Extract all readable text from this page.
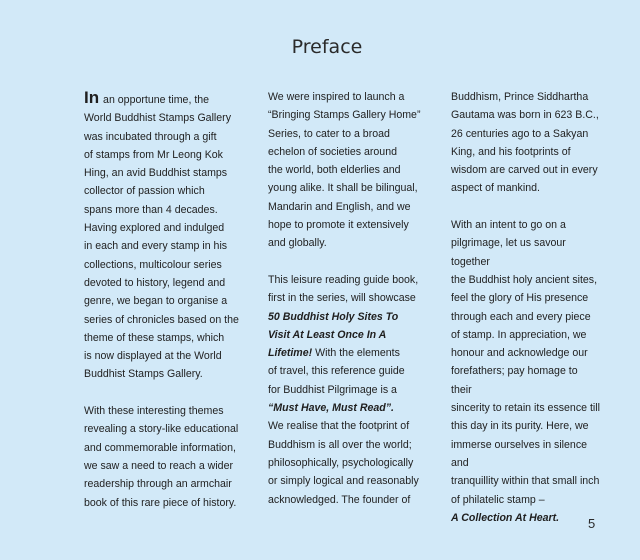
Preface

In an opportune time, the
World Buddhist Stamps Gallery
was incubated through a gift
of stamps from Mr Leong Kok
Hing, an avid Buddhist stamps
collector of passion which
spans more than 4 decades.
Having explored and indulged
in each and every stamp in his
collections, multicolour series
devoted to history, legend and
genre, we began to organise a
series of chronicles based on the
theme of these stamps, which
is now displayed at the World
Buddhist Stamps Gallery.

With these interesting themes
revealing a story-like educational
and commemorable information,
we saw a need to reach a wider
readership through an armchair
book of this rare piece of history.

We were inspired to launch a
“Bringing Stamps Gallery Home”
Series, to cater to a broad
echelon of societies around
the world, both elderlies and
young alike. It shall be bilingual,
Mandarin and English, and we
hope to promote it extensively
and globally.

This leisure reading guide book,
first in the series, will showcase
50 Buddhist Holy Sites To
Visit At Least Once In A
Lifetime! With the elements
of travel, this reference guide
for Buddhist Pilgrimage is a
“Must Have, Must Read”.
We realise that the footprint of
Buddhism is all over the world;
philosophically, psychologically
or simply logical and reasonably
acknowledged. The founder of

Buddhism, Prince Siddhartha
Gautama was born in 623 B.C.,
26 centuries ago to a Sakyan
King, and his footprints of
wisdom are carved out in every
aspect of mankind.

With an intent to go on a
pilgrimage, let us savour together
the Buddhist holy ancient sites,
feel the glory of His presence
through each and every piece
of stamp. In appreciation, we
honour and acknowledge our
forefathers; pay homage to their
sincerity to retain its essence till
this day in its purity. Here, we
immerse ourselves in silence and
tranquillity within that small inch
of philatelic stamp –
A Collection At Heart.	5
